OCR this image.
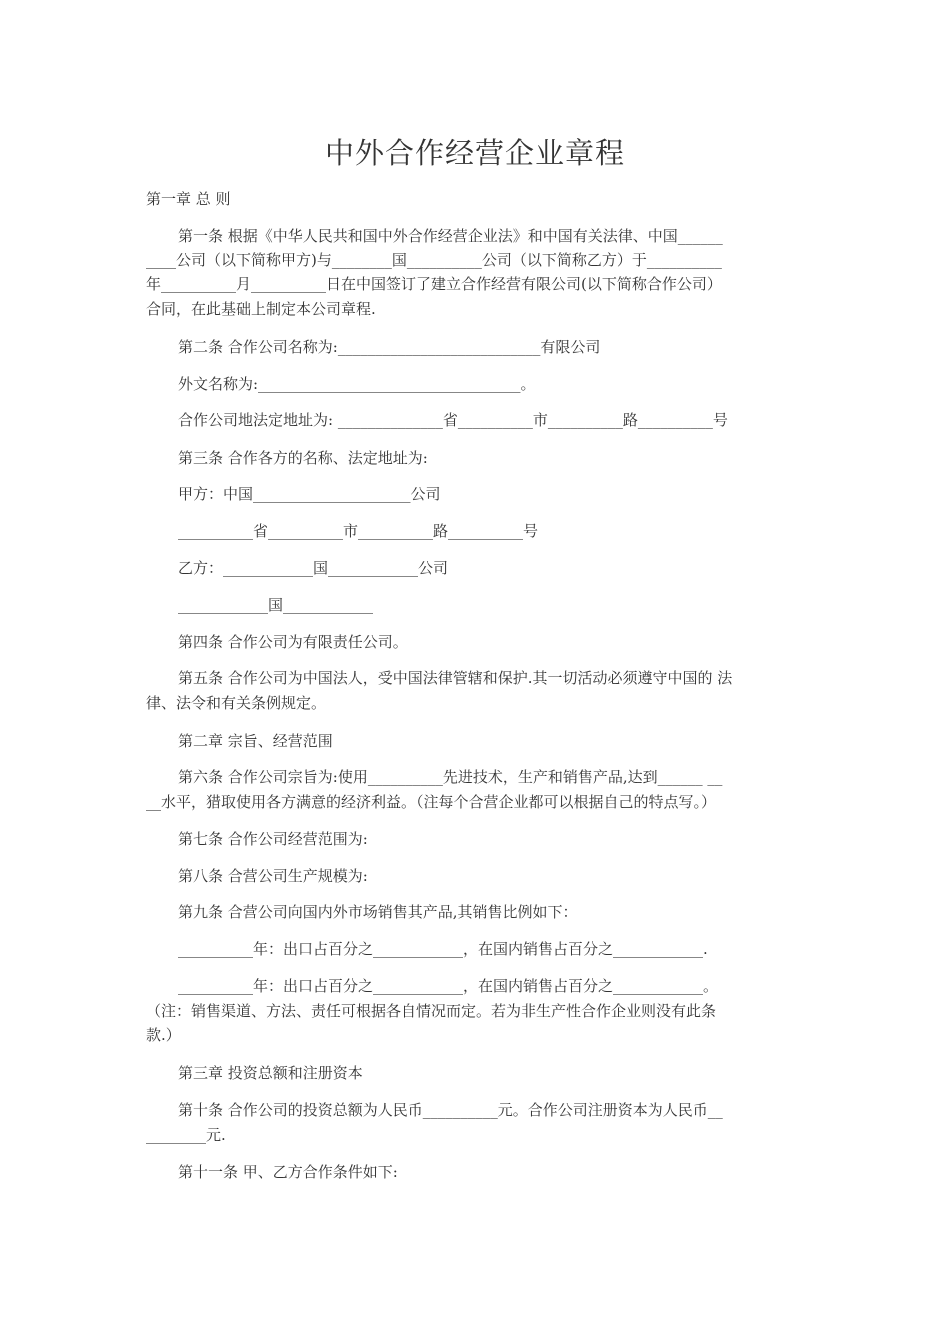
中外合作经营企业章程
第一章 总 则
第一条 根据《中华人民共和国中外合作经营企业法》和中国有关法律、中国______
____公司（以下简称甲方)与________国__________公司（以下简称乙方）于__________
年__________月__________日在中国签订了建立合作经营有限公司(以下简称合作公司）
合同，在此基础上制定本公司章程.
第二条 合作公司名称为:___________________________有限公司
外文名称为:___________________________________。
合作公司地法定地址为: ______________省__________市__________路__________号
第三条 合作各方的名称、法定地址为:
甲方：中国_____________________公司
__________省__________市__________路__________号
乙方：____________国____________公司
____________国____________
第四条 合作公司为有限责任公司。
第五条 合作公司为中国法人，受中国法律管辖和保护.其一切活动必须遵守中国的 法
律、法令和有关条例规定。
第二章 宗旨、经营范围
第六条 合作公司宗旨为:使用__________先进技术，生产和销售产品,达到______ __
__水平，猎取使用各方满意的经济利益。（注每个合营企业都可以根据自己的特点写。）
第七条 合作公司经营范围为:
第八条 合营公司生产规模为:
第九条 合营公司向国内外市场销售其产品,其销售比例如下：
__________年：出口占百分之____________，在国内销售占百分之____________.
__________年：出口占百分之____________，在国内销售占百分之____________。
（注：销售渠道、方法、责任可根据各自情况而定。若为非生产性合作企业则没有此条
款.）
第三章 投资总额和注册资本
第十条 合作公司的投资总额为人民币__________元。合作公司注册资本为人民币__
________元.
第十一条 甲、乙方合作条件如下:
